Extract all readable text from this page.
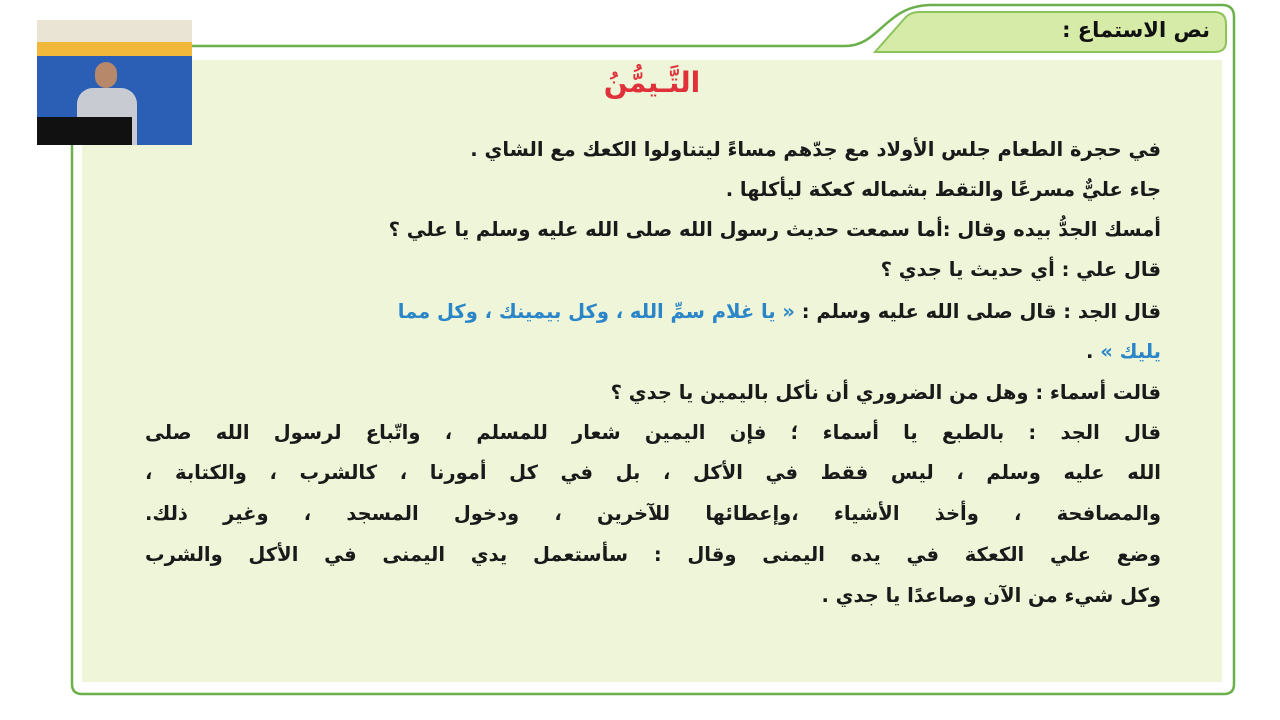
نص الاستماع :
التَّـيمُّنُ
في حجرة الطعام جلس الأولاد مع جدّهم مساءً ليتناولوا الكعك مع الشاي .
جاء عليٌّ مسرعًا والتقط بشماله كعكة ليأكلها .
أمسك الجدُّ بيده وقال :أما سمعت حديث رسول الله صلى الله عليه وسلم يا علي ؟
قال علي : أي حديث يا جدي ؟
قال الجد : قال صلى الله عليه وسلم : « يا غلام سمِّ الله ، وكل بيمينك ، وكل مما
يليك » .
قالت أسماء : وهل من الضروري أن نأكل باليمين يا جدي ؟
قال الجد : بالطبع يا أسماء ؛ فإن اليمين شعار للمسلم ، واتّباع لرسول الله صلى
الله عليه وسلم ، ليس فقط في الأكل ، بل في كل أمورنا ، كالشرب ، والكتابة ،
والمصافحة ، وأخذ الأشياء ،وإعطائها للآخرين ، ودخول المسجد ، وغير ذلك.
وضع علي الكعكة في يده اليمنى وقال : سأستعمل يدي اليمنى في الأكل والشرب
وكل شيء من الآن وصاعدًا يا جدي .
